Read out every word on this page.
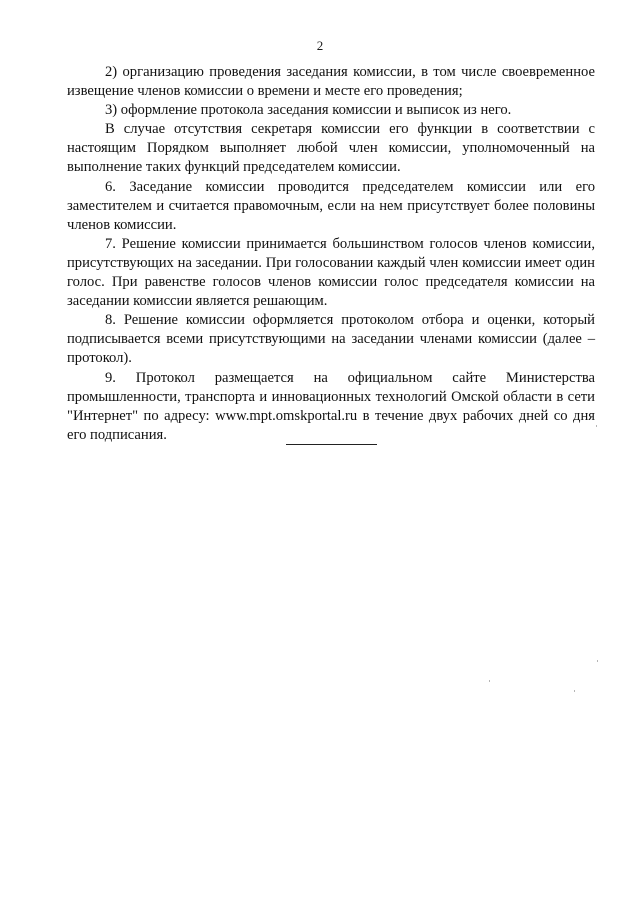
2

2) организацию проведения заседания комиссии, в том числе своевременное извещение членов комиссии о времени и месте его проведения;

3) оформление протокола заседания комиссии и выписок из него.

В случае отсутствия секретаря комиссии его функции в соответствии с настоящим Порядком выполняет любой член комиссии, уполномоченный на выполнение таких функций председателем комиссии.

6. Заседание комиссии проводится председателем комиссии или его заместителем и считается правомочным, если на нем присутствует более половины членов комиссии.

7. Решение комиссии принимается большинством голосов членов комиссии, присутствующих на заседании. При голосовании каждый член комиссии имеет один голос. При равенстве голосов членов комиссии голос председателя комиссии на заседании комиссии является решающим.

8. Решение комиссии оформляется протоколом отбора и оценки, который подписывается всеми присутствующими на заседании членами комиссии (далее – протокол).

9. Протокол размещается на официальном сайте Министерства промышленности, транспорта и инновационных технологий Омской области в сети "Интернет" по адресу: www.mpt.omskportal.ru в течение двух рабочих дней со дня его подписания.
